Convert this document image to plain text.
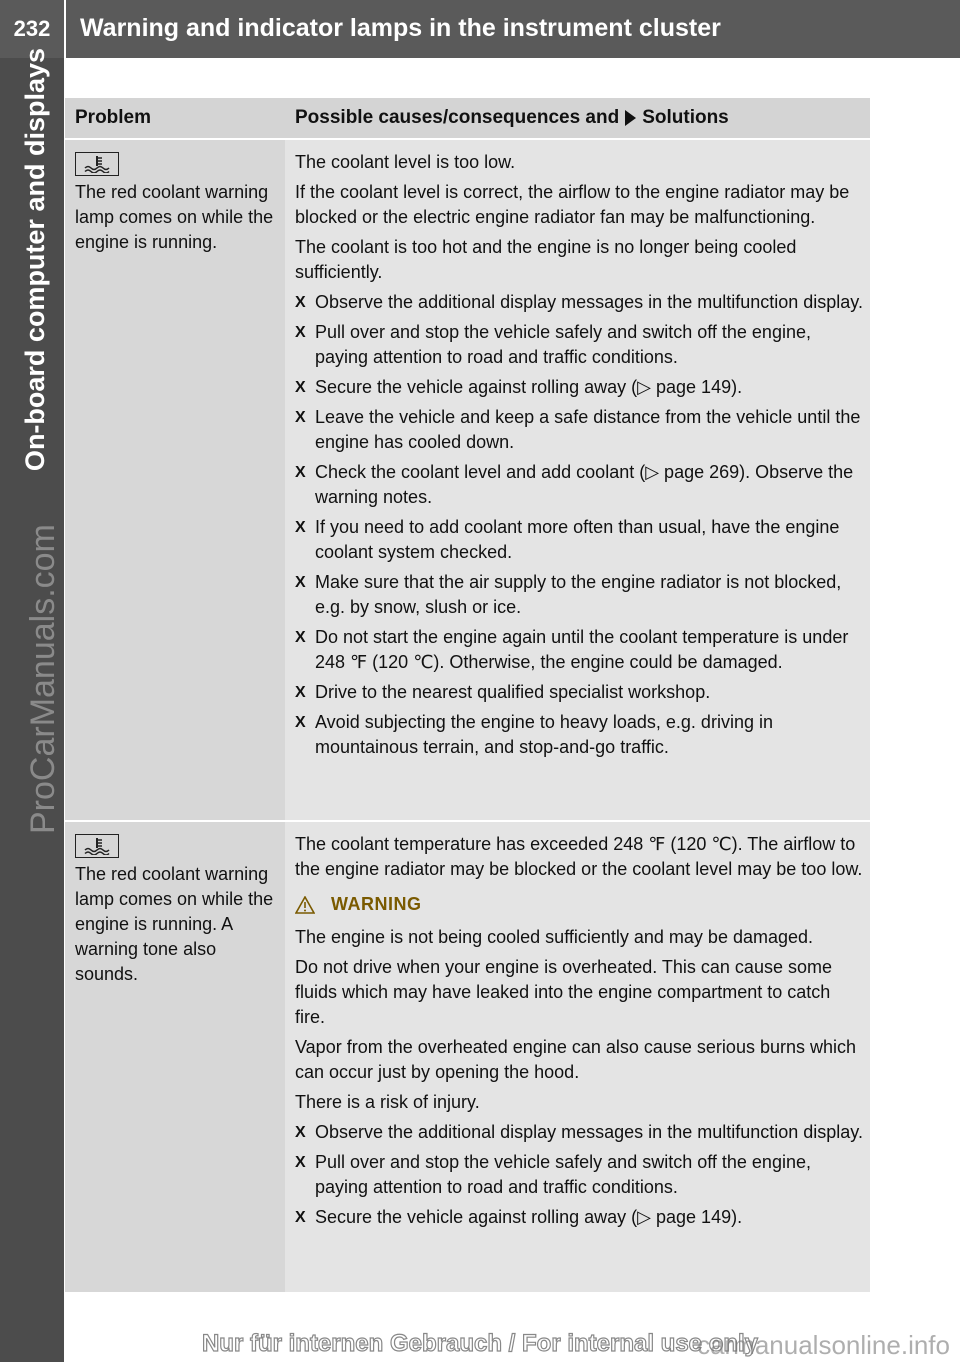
232	Warning and indicator lamps in the instrument cluster
On-board computer and displays
ProCarManuals.com
Problem	Possible causes/consequences and Solutions
The red coolant warning lamp comes on while the engine is running.

The coolant level is too low.

If the coolant level is correct, the airflow to the engine radiator may be blocked or the electric engine radiator fan may be malfunctioning.

The coolant is too hot and the engine is no longer being cooled sufficiently.

X Observe the additional display messages in the multifunction display.
X Pull over and stop the vehicle safely and switch off the engine, paying attention to road and traffic conditions.
X Secure the vehicle against rolling away (▷ page 149).
X Leave the vehicle and keep a safe distance from the vehicle until the engine has cooled down.
X Check the coolant level and add coolant (▷ page 269). Observe the warning notes.
X If you need to add coolant more often than usual, have the engine coolant system checked.
X Make sure that the air supply to the engine radiator is not blocked, e.g. by snow, slush or ice.
X Do not start the engine again until the coolant temperature is under 248 ℉ (120 ℃). Otherwise, the engine could be damaged.
X Drive to the nearest qualified specialist workshop.
X Avoid subjecting the engine to heavy loads, e.g. driving in mountainous terrain, and stop-and-go traffic.
The red coolant warning lamp comes on while the engine is running. A warning tone also sounds.

The coolant temperature has exceeded 248 ℉ (120 ℃). The airflow to the engine radiator may be blocked or the coolant level may be too low.

WARNING

The engine is not being cooled sufficiently and may be damaged.

Do not drive when your engine is overheated. This can cause some fluids which may have leaked into the engine compartment to catch fire.

Vapor from the overheated engine can also cause serious burns which can occur just by opening the hood.

There is a risk of injury.

X Observe the additional display messages in the multifunction display.
X Pull over and stop the vehicle safely and switch off the engine, paying attention to road and traffic conditions.
X Secure the vehicle against rolling away (▷ page 149).
Nur für internen Gebrauch / For internal use only
carmanualsonline.info
